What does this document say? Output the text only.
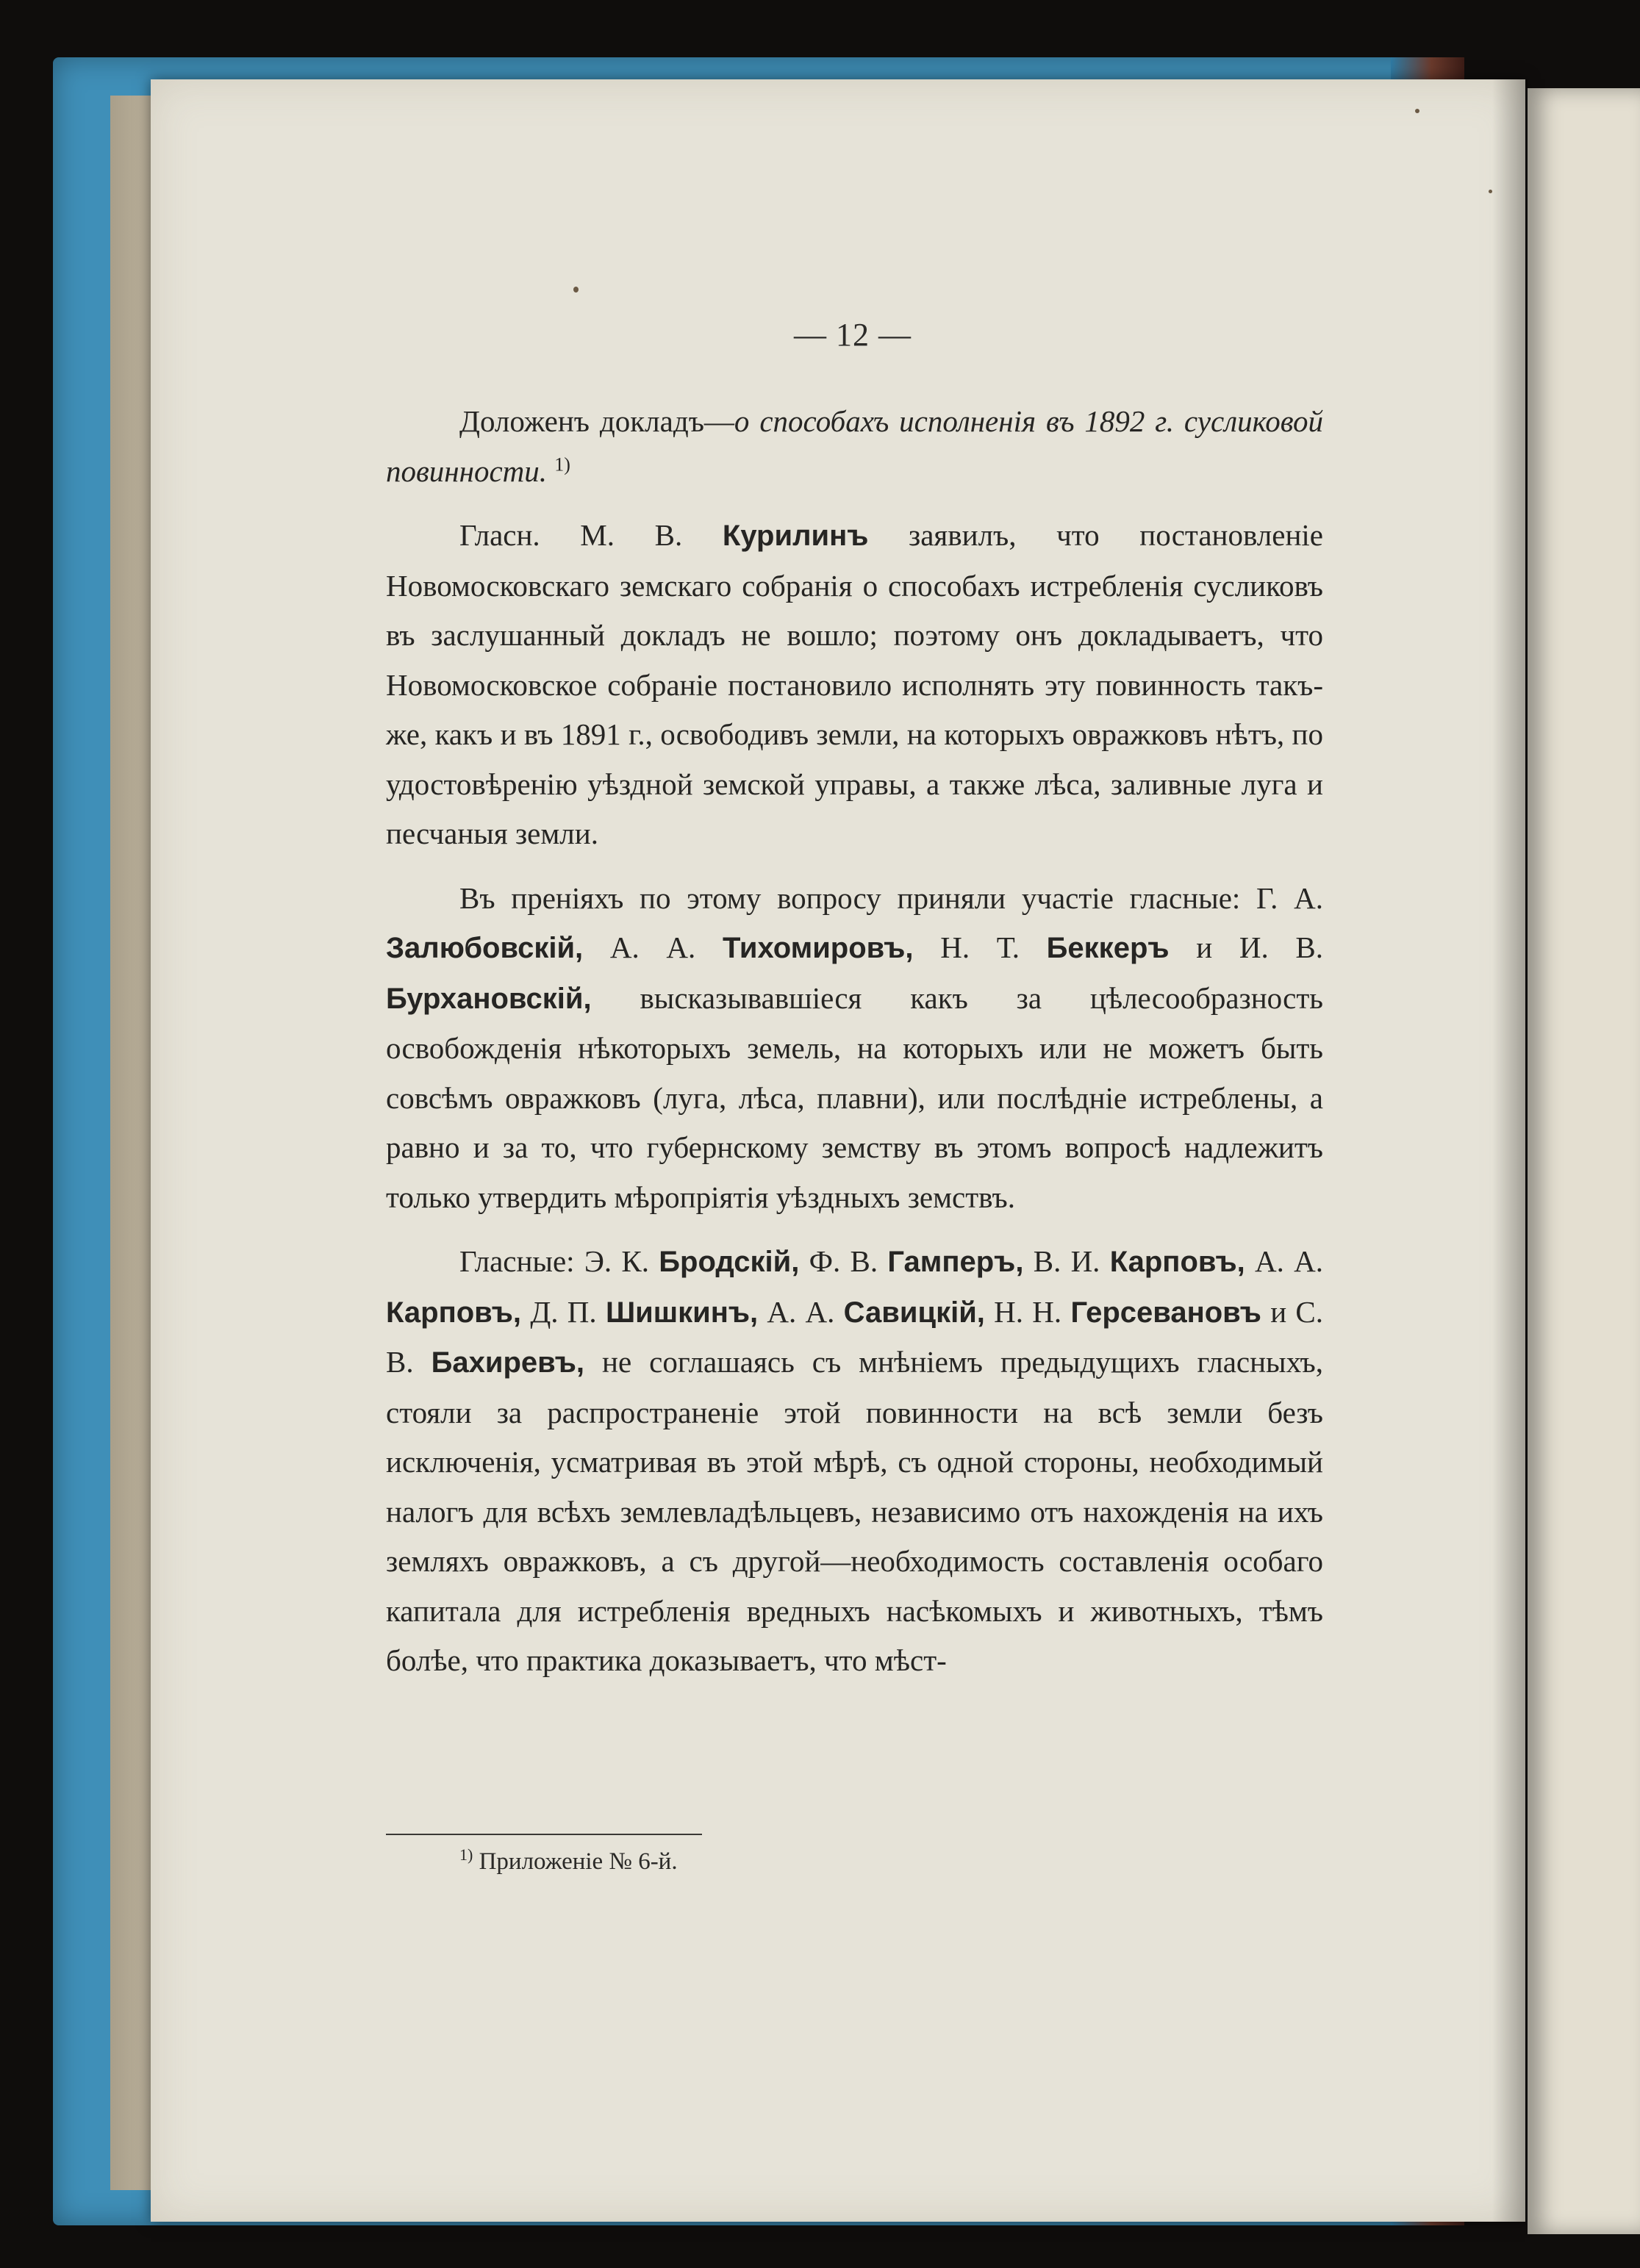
— 12 —

Доложенъ докладъ—о способахъ исполненія въ 1892 г. сусликовой повинности. $^{1)}$

Гласн. М. В. Курилинъ заявилъ, что постановленіе Новомосковскаго земскаго собранія о способахъ истребленія сусликовъ въ заслушанный докладъ не вошло; поэтому онъ докладываетъ, что Новомосковское собраніе постановило исполнять эту повинность такъ-же, какъ и въ 1891 г., освободивъ земли, на которыхъ овражковъ нѣтъ, по удостовѣренію уѣздной земской управы, а также лѣса, заливные луга и песчаныя земли.

Въ преніяхъ по этому вопросу приняли участіе гласные: Г. А. Залюбовскій, А. А. Тихомировъ, Н. Т. Беккеръ и И. В. Бурхановскій, высказывавшіеся какъ за цѣлесообразность освобожденія нѣкоторыхъ земель, на которыхъ или не можетъ быть совсѣмъ овражковъ (луга, лѣса, плавни), или послѣдніе истреблены, а равно и за то, что губернскому земству въ этомъ вопросѣ надлежитъ только утвердить мѣропріятія уѣздныхъ земствъ.

Гласные: Э. К. Бродскій, Ф. В. Гамперъ, В. И. Карповъ, А. А. Карповъ, Д. П. Шишкинъ, А. А. Савицкій, Н. Н. Герсевановъ и С. В. Бахиревъ, не соглашаясь съ мнѣніемъ предыдущихъ гласныхъ, стояли за распространеніе этой повинности на всѣ земли безъ исключенія, усматривая въ этой мѣрѣ, съ одной стороны, необходимый налогъ для всѣхъ землевладѣльцевъ, независимо отъ нахожденія на ихъ земляхъ овражковъ, а съ другой—необходимость составленія особаго капитала для истребленія вредныхъ насѣкомыхъ и животныхъ, тѣмъ болѣе, что практика доказываетъ, что мѣст-

$^{1)}$ Приложеніе № 6-й.
